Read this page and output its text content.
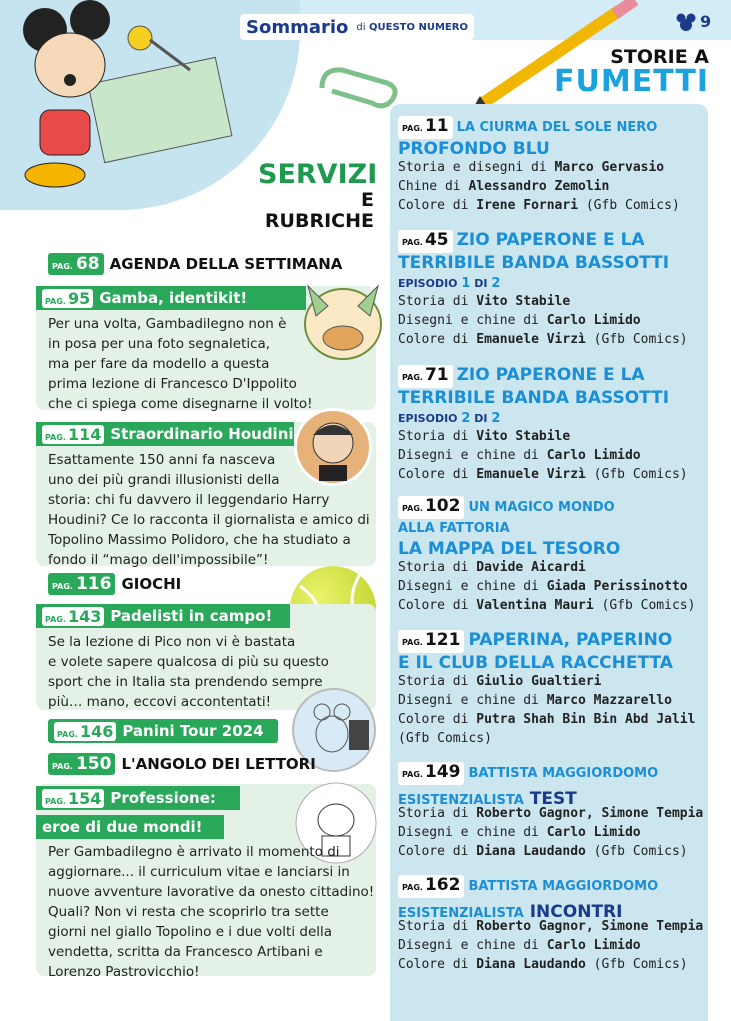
Sommario di QUESTO NUMERO	9
STORIE A
FUMETTI
SERVIZI
E RUBRICHE
PAG. 68 AGENDA DELLA SETTIMANA
PAG. 95 Gamba, identikit!
Per una volta, Gambadilegno non è
in posa per una foto segnaletica,
ma per fare da modello a questa
prima lezione di Francesco D'Ippolito
che ci spiega come disegnarne il volto!
PAG. 114 Straordinario Houdini
Esattamente 150 anni fa nasceva
uno dei più grandi illusionisti della
storia: chi fu davvero il leggendario Harry
Houdini? Ce lo racconta il giornalista e amico di
Topolino Massimo Polidoro, che ha studiato a
fondo il “mago dell'impossibile”!
PAG. 116 GIOCHI
PAG. 143 Padelisti in campo!
Se la lezione di Pico non vi è bastata
e volete sapere qualcosa di più su questo
sport che in Italia sta prendendo sempre
più… mano, eccovi accontentati!
PAG. 146 Panini Tour 2024
PAG. 150 L'ANGOLO DEI LETTORI
PAG. 154 Professione:
eroe di due mondi!
Per Gambadilegno è arrivato il momento di
aggiornare... il curriculum vitae e lanciarsi in
nuove avventure lavorative da onesto cittadino!
Quali? Non vi resta che scoprirlo tra sette
giorni nel giallo Topolino e i due volti della
vendetta, scritta da Francesco Artibani e
Lorenzo Pastrovicchio!
PAG. 11 LA CIURMA DEL SOLE NERO
PROFONDO BLU
Storia e disegni di Marco Gervasio
Chine di Alessandro Zemolin
Colore di Irene Fornari (Gfb Comics)
PAG. 45 ZIO PAPERONE E LA
TERRIBILE BANDA BASSOTTI
EPISODIO 1 DI 2
Storia di Vito Stabile
Disegni e chine di Carlo Limido
Colore di Emanuele Virzì (Gfb Comics)
PAG. 71 ZIO PAPERONE E LA
TERRIBILE BANDA BASSOTTI
EPISODIO 2 DI 2
Storia di Vito Stabile
Disegni e chine di Carlo Limido
Colore di Emanuele Virzì (Gfb Comics)
PAG. 102 UN MAGICO MONDO
ALLA FATTORIA
LA MAPPA DEL TESORO
Storia di Davide Aicardi
Disegni e chine di Giada Perissinotto
Colore di Valentina Mauri (Gfb Comics)
PAG. 121 PAPERINA, PAPERINO
E IL CLUB DELLA RACCHETTA
Storia di Giulio Gualtieri
Disegni e chine di Marco Mazzarello
Colore di Putra Shah Bin Bin Abd Jalil
(Gfb Comics)
PAG. 149 BATTISTA MAGGIORDOMO
ESISTENZIALISTA TEST
Storia di Roberto Gagnor, Simone Tempia
Disegni e chine di Carlo Limido
Colore di Diana Laudando (Gfb Comics)
PAG. 162 BATTISTA MAGGIORDOMO
ESISTENZIALISTA INCONTRI
Storia di Roberto Gagnor, Simone Tempia
Disegni e chine di Carlo Limido
Colore di Diana Laudando (Gfb Comics)
